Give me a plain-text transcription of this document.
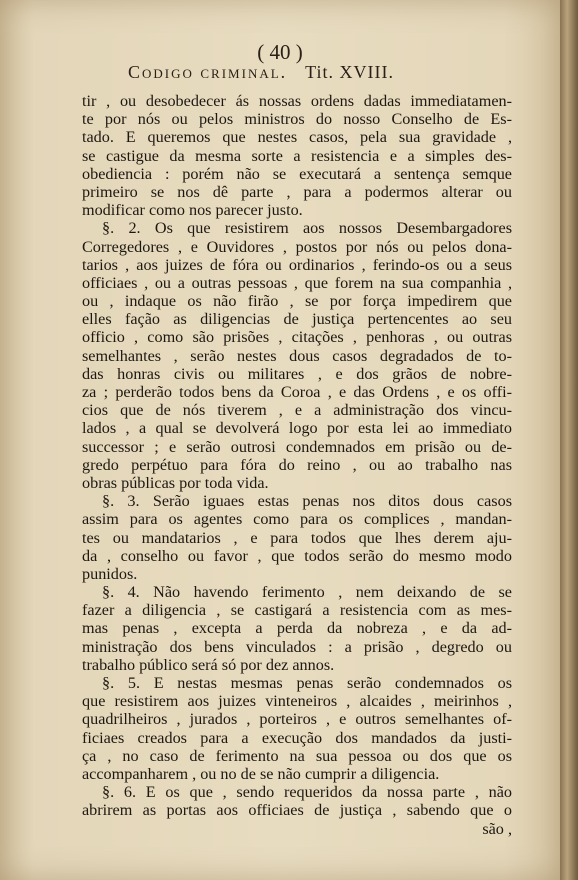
( 40 )
Codigo criminal. Tit. XVIII.
tir , ou desobedecer ás nossas ordens dadas immediatamen-
te por nós ou pelos ministros do nosso Conselho de Es-
tado. E queremos que nestes casos, pela sua gravidade ,
se castigue da mesma sorte a resistencia e a simples des-
obediencia : porém não se executará a sentença semque
primeiro se nos dê parte , para a podermos alterar ou
modificar como nos parecer justo.
§. 2. Os que resistirem aos nossos Desembargadores
Corregedores , e Ouvidores , postos por nós ou pelos dona-
tarios , aos juizes de fóra ou ordinarios , ferindo-os ou a seus
officiaes , ou a outras pessoas , que forem na sua companhia ,
ou , indaque os não firão , se por força impedirem que
elles fação as diligencias de justiça pertencentes ao seu
officio , como são prisões , citações , penhoras , ou outras
semelhantes , serão nestes dous casos degradados de to-
das honras civis ou militares , e dos grãos de nobre-
za ; perderão todos bens da Coroa , e das Ordens , e os offi-
cios que de nós tiverem , e a administração dos vincu-
lados , a qual se devolverá logo por esta lei ao immediato
successor ; e serão outrosi condemnados em prisão ou de-
gredo perpétuo para fóra do reino , ou ao trabalho nas
obras públicas por toda vida.
§. 3. Serão iguaes estas penas nos ditos dous casos
assim para os agentes como para os complices , mandan-
tes ou mandatarios , e para todos que lhes derem aju-
da , conselho ou favor , que todos serão do mesmo modo
punidos.
§. 4. Não havendo ferimento , nem deixando de se
fazer a diligencia , se castigará a resistencia com as mes-
mas penas , excepta a perda da nobreza , e da ad-
ministração dos bens vinculados : a prisão , degredo ou
trabalho público será só por dez annos.
§. 5. E nestas mesmas penas serão condemnados os
que resistirem aos juizes vinteneiros , alcaides , meirinhos ,
quadrilheiros , jurados , porteiros , e outros semelhantes of-
ficiaes creados para a execução dos mandados da justi-
ça , no caso de ferimento na sua pessoa ou dos que os
accompanharem , ou no de se não cumprir a diligencia.
§. 6. E os que , sendo requeridos da nossa parte , não
abrirem as portas aos officiaes de justiça , sabendo que o
são ,
